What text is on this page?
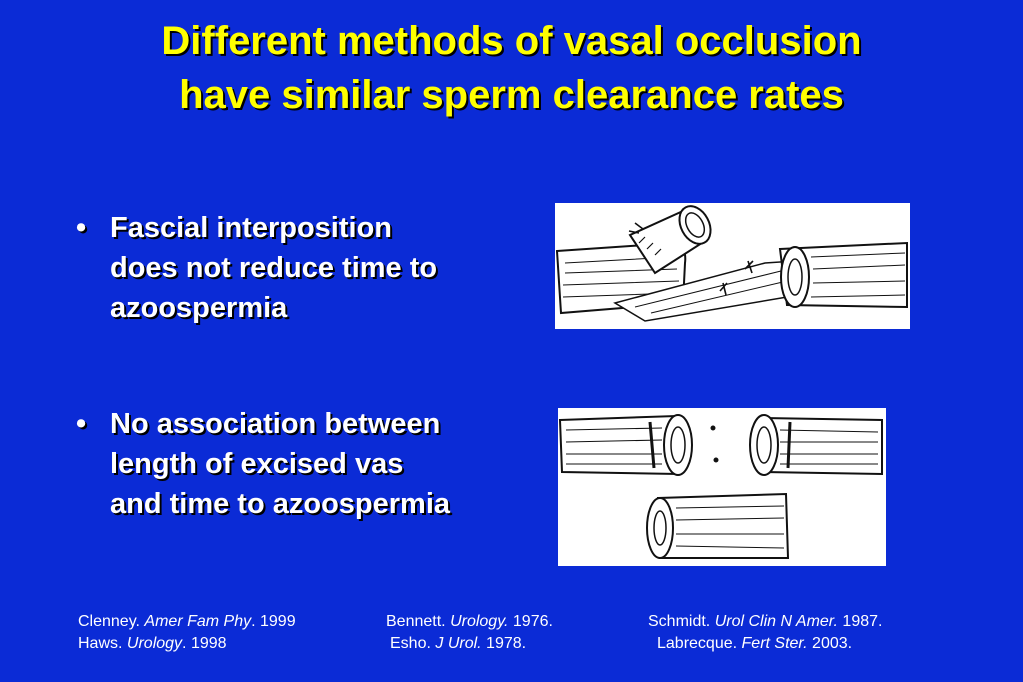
Different methods of vasal occlusion
have similar sperm clearance rates
• Fascial interposition
does not reduce time to
azoospermia
• No association between
length of excised vas
and time to azoospermia
Clenney. Amer Fam Phy. 1999	Bennett. Urology. 1976.	Schmidt. Urol Clin N Amer. 1987.
Haws. Urology. 1998	Esho. J Urol. 1978.	Labrecque. Fert Ster. 2003.
